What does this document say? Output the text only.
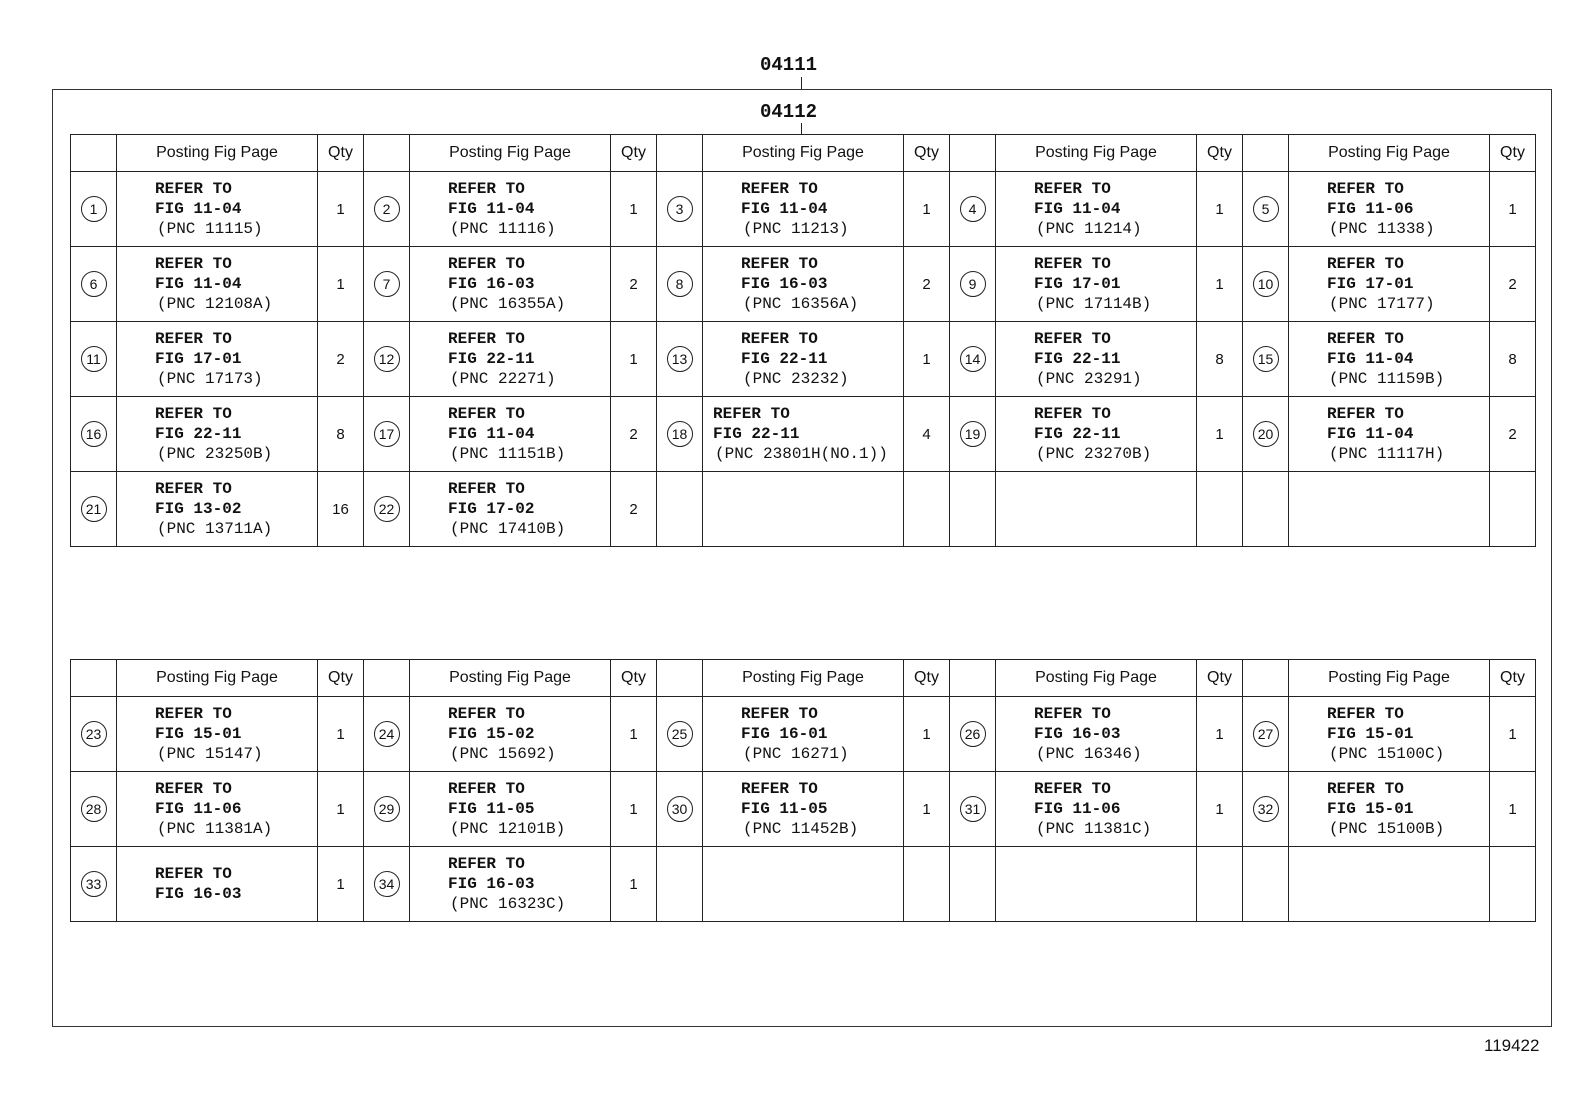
04111
04112
	Posting Fig Page	Qty		Posting Fig Page	Qty		Posting Fig Page	Qty		Posting Fig Page	Qty		Posting Fig Page	Qty
1	REFER TO
FIG 11-04
(PNC 11115)	1	2	REFER TO
FIG 11-04
(PNC 11116)	1	3	REFER TO
FIG 11-04
(PNC 11213)	1	4	REFER TO
FIG 11-04
(PNC 11214)	1	5	REFER TO
FIG 11-06
(PNC 11338)	1
6	REFER TO
FIG 11-04
(PNC 12108A)	1	7	REFER TO
FIG 16-03
(PNC 16355A)	2	8	REFER TO
FIG 16-03
(PNC 16356A)	2	9	REFER TO
FIG 17-01
(PNC 17114B)	1	10	REFER TO
FIG 17-01
(PNC 17177)	2
11	REFER TO
FIG 17-01
(PNC 17173)	2	12	REFER TO
FIG 22-11
(PNC 22271)	1	13	REFER TO
FIG 22-11
(PNC 23232)	1	14	REFER TO
FIG 22-11
(PNC 23291)	8	15	REFER TO
FIG 11-04
(PNC 11159B)	8
16	REFER TO
FIG 22-11
(PNC 23250B)	8	17	REFER TO
FIG 11-04
(PNC 11151B)	2	18	REFER TO
FIG 22-11
(PNC 23801H(NO.1))	4	19	REFER TO
FIG 22-11
(PNC 23270B)	1	20	REFER TO
FIG 11-04
(PNC 11117H)	2
21	REFER TO
FIG 13-02
(PNC 13711A)	16	22	REFER TO
FIG 17-02
(PNC 17410B)	2									
	Posting Fig Page	Qty		Posting Fig Page	Qty		Posting Fig Page	Qty		Posting Fig Page	Qty		Posting Fig Page	Qty
23	REFER TO
FIG 15-01
(PNC 15147)	1	24	REFER TO
FIG 15-02
(PNC 15692)	1	25	REFER TO
FIG 16-01
(PNC 16271)	1	26	REFER TO
FIG 16-03
(PNC 16346)	1	27	REFER TO
FIG 15-01
(PNC 15100C)	1
28	REFER TO
FIG 11-06
(PNC 11381A)	1	29	REFER TO
FIG 11-05
(PNC 12101B)	1	30	REFER TO
FIG 11-05
(PNC 11452B)	1	31	REFER TO
FIG 11-06
(PNC 11381C)	1	32	REFER TO
FIG 15-01
(PNC 15100B)	1
33	REFER TO
FIG 16-03	1	34	REFER TO
FIG 16-03
(PNC 16323C)	1									
119422
